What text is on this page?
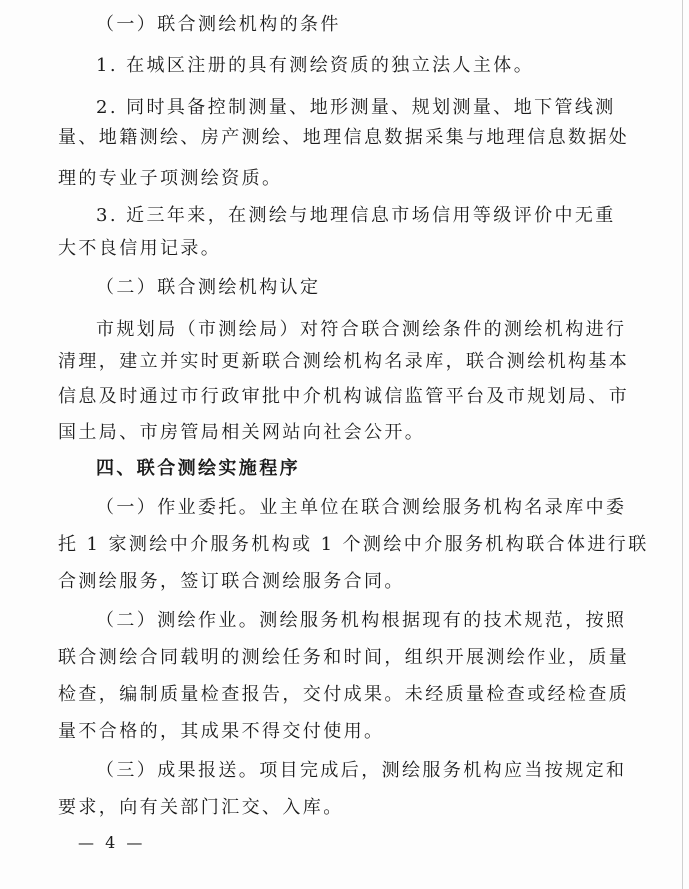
（一）联合测绘机构的条件
1. 在城区注册的具有测绘资质的独立法人主体。
2. 同时具备控制测量、地形测量、规划测量、地下管线测
量、地籍测绘、房产测绘、地理信息数据采集与地理信息数据处
理的专业子项测绘资质。
3. 近三年来，在测绘与地理信息市场信用等级评价中无重
大不良信用记录。
（二）联合测绘机构认定
市规划局（市测绘局）对符合联合测绘条件的测绘机构进行
清理，建立并实时更新联合测绘机构名录库，联合测绘机构基本
信息及时通过市行政审批中介机构诚信监管平台及市规划局、市
国土局、市房管局相关网站向社会公开。
四、联合测绘实施程序
（一）作业委托。业主单位在联合测绘服务机构名录库中委
托 1 家测绘中介服务机构或 1 个测绘中介服务机构联合体进行联
合测绘服务，签订联合测绘服务合同。
（二）测绘作业。测绘服务机构根据现有的技术规范，按照
联合测绘合同载明的测绘任务和时间，组织开展测绘作业，质量
检查，编制质量检查报告，交付成果。未经质量检查或经检查质
量不合格的，其成果不得交付使用。
（三）成果报送。项目完成后，测绘服务机构应当按规定和
要求，向有关部门汇交、入库。
— 4 —
